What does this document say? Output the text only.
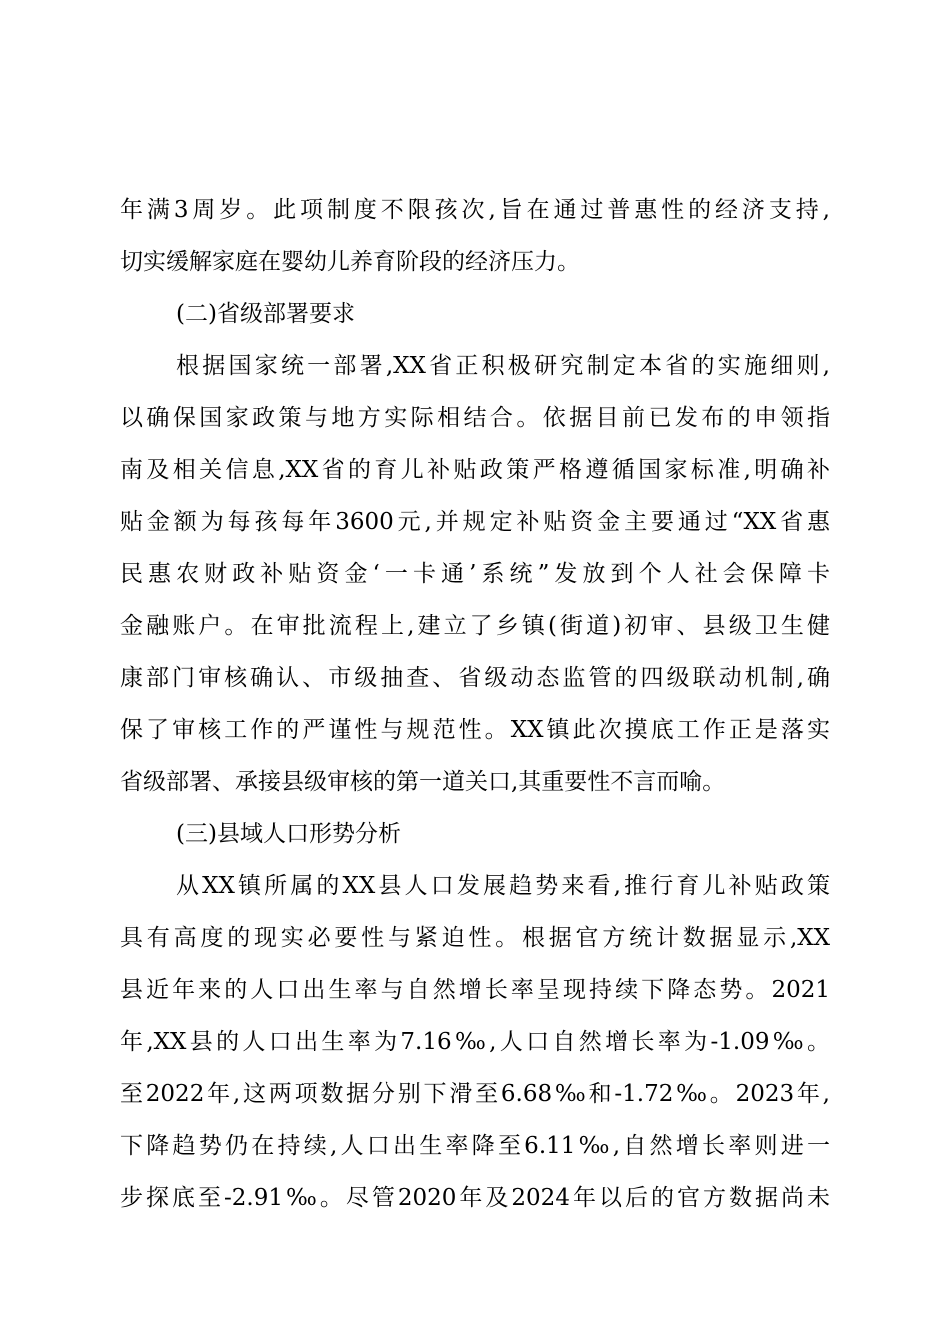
年满3周岁。此项制度不限孩次,旨在通过普惠性的经济支持,
切实缓解家庭在婴幼儿养育阶段的经济压力。
(二)省级部署要求
根据国家统一部署,XX省正积极研究制定本省的实施细则,
以确保国家政策与地方实际相结合。依据目前已发布的申领指
南及相关信息,XX省的育儿补贴政策严格遵循国家标准,明确补
贴金额为每孩每年3600元,并规定补贴资金主要通过“XX省惠
民惠农财政补贴资金‘一卡通’系统”发放到个人社会保障卡
金融账户。在审批流程上,建立了乡镇(街道)初审、县级卫生健
康部门审核确认、市级抽查、省级动态监管的四级联动机制,确
保了审核工作的严谨性与规范性。XX镇此次摸底工作正是落实
省级部署、承接县级审核的第一道关口,其重要性不言而喻。
(三)县域人口形势分析
从XX镇所属的XX县人口发展趋势来看,推行育儿补贴政策
具有高度的现实必要性与紧迫性。根据官方统计数据显示,XX
县近年来的人口出生率与自然增长率呈现持续下降态势。2021
年,XX县的人口出生率为7.16‰,人口自然增长率为-1.09‰。
至2022年,这两项数据分别下滑至6.68‰和-1.72‰。2023年,
下降趋势仍在持续,人口出生率降至6.11‰,自然增长率则进一
步探底至-2.91‰。尽管2020年及2024年以后的官方数据尚未
